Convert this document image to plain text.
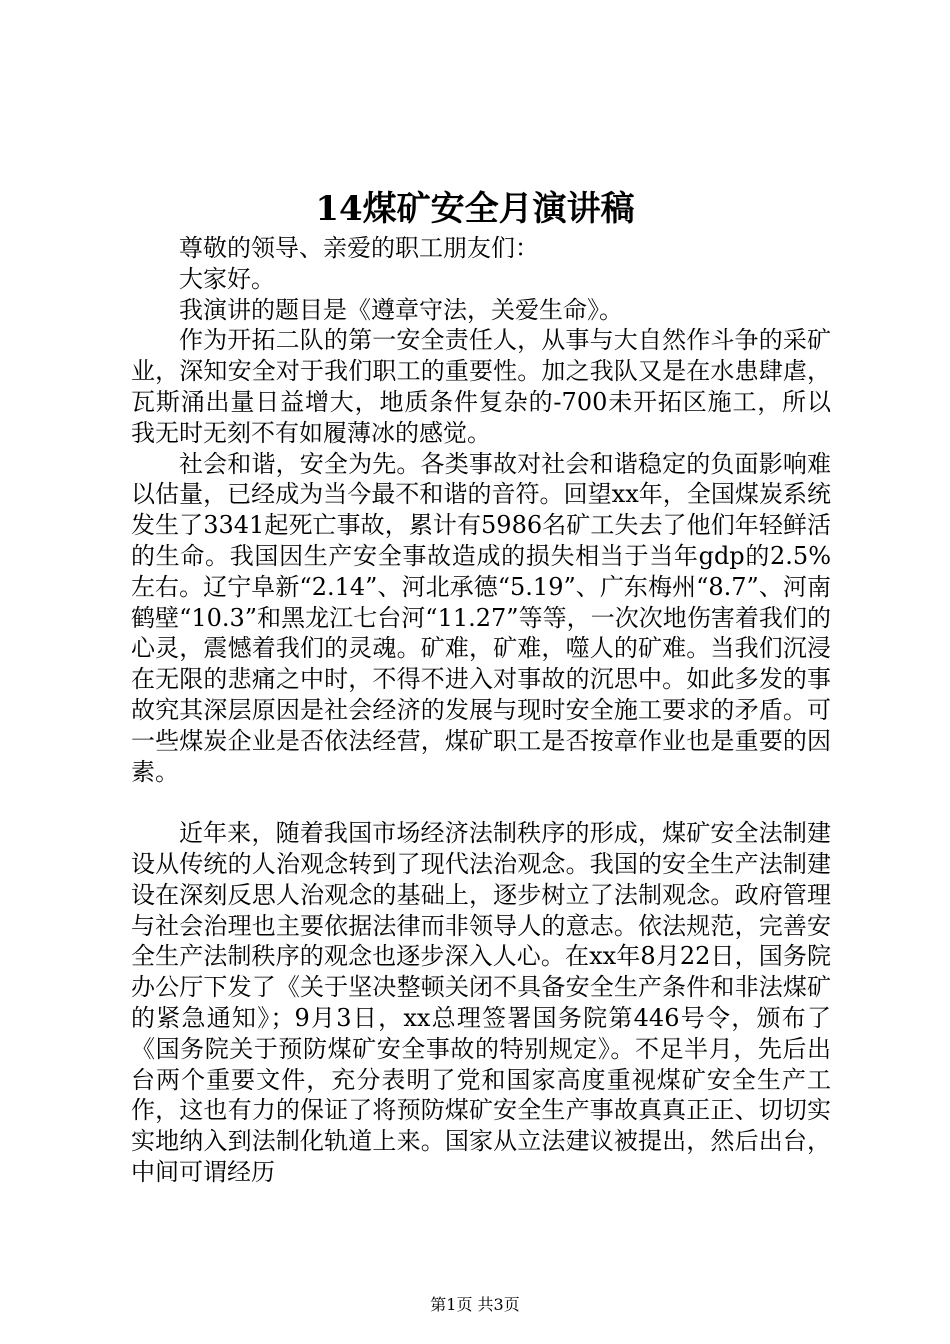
14煤矿安全月演讲稿

尊敬的领导、亲爱的职工朋友们：

大家好。

我演讲的题目是《遵章守法，关爱生命》。

作为开拓二队的第一安全责任人，从事与大自然作斗争的采矿业，深知安全对于我们职工的重要性。加之我队又是在水患肆虐，瓦斯涌出量日益增大，地质条件复杂的-700未开拓区施工，所以我无时无刻不有如履薄冰的感觉。

社会和谐，安全为先。各类事故对社会和谐稳定的负面影响难以估量，已经成为当今最不和谐的音符。回望xx年，全国煤炭系统发生了3341起死亡事故，累计有5986名矿工失去了他们年轻鲜活的生命。我国因生产安全事故造成的损失相当于当年gdp的2.5%左右。辽宁阜新“2.14”、河北承德“5.19”、广东梅州“8.7”、河南鹤壁“10.3”和黑龙江七台河“11.27”等等，一次次地伤害着我们的心灵，震憾着我们的灵魂。矿难，矿难，噬人的矿难。当我们沉浸在无限的悲痛之中时，不得不进入对事故的沉思中。如此多发的事故究其深层原因是社会经济的发展与现时安全施工要求的矛盾。可一些煤炭企业是否依法经营，煤矿职工是否按章作业也是重要的因素。

近年来，随着我国市场经济法制秩序的形成，煤矿安全法制建设从传统的人治观念转到了现代法治观念。我国的安全生产法制建设在深刻反思人治观念的基础上，逐步树立了法制观念。政府管理与社会治理也主要依据法律而非领导人的意志。依法规范，完善安全生产法制秩序的观念也逐步深入人心。在xx年8月22日，国务院办公厅下发了《关于坚决整顿关闭不具备安全生产条件和非法煤矿的紧急通知》；9月3日，xx总理签署国务院第446号令，颁布了《国务院关于预防煤矿安全事故的特别规定》。不足半月，先后出台两个重要文件，充分表明了党和国家高度重视煤矿安全生产工作，这也有力的保证了将预防煤矿安全生产事故真真正正、切切实实地纳入到法制化轨道上来。国家从立法建议被提出，然后出台，中间可谓经历

第1页 共3页
